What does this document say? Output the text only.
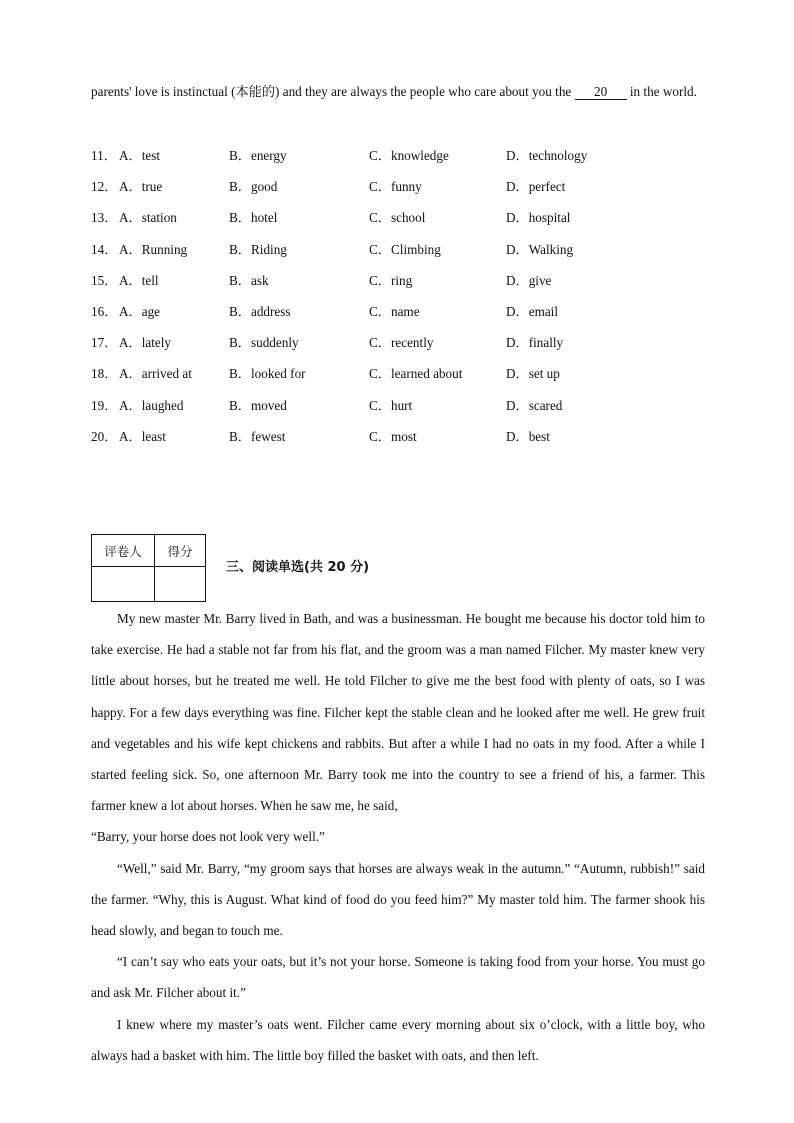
parents' love is instinctual (本能的) and they are always the people who care about you the 20 in the world.

11． A．test	B．energy	C．knowledge	D．technology
12． A．true	B．good	C．funny	D．perfect
13． A．station	B．hotel	C．school	D．hospital
14． A．Running	B．Riding	C．Climbing	D．Walking
15． A．tell	B．ask	C．ring	D．give
16． A．age	B．address	C．name	D．email
17． A．lately	B．suddenly	C．recently	D．finally
18． A．arrived at	B．looked for	C．learned about	D．set up
19． A．laughed	B．moved	C．hurt	D．scared
20． A．least	B．fewest	C．most	D．best
评卷人	得分

三、阅读单选(共 20 分)

My new master Mr. Barry lived in Bath, and was a businessman. He bought me because his doctor told him to take exercise. He had a stable not far from his flat, and the groom was a man named Filcher. My master knew very little about horses, but he treated me well. He told Filcher to give me the best food with plenty of oats, so I was happy. For a few days everything was fine. Filcher kept the stable clean and he looked after me well. He grew fruit and vegetables and his wife kept chickens and rabbits. But after a while I had no oats in my food. After a while I started feeling sick. So, one afternoon Mr. Barry took me into the country to see a friend of his, a farmer. This farmer knew a lot about horses. When he saw me, he said,

“Barry, your horse does not look very well.”

“Well,” said Mr. Barry, “my groom says that horses are always weak in the autumn.” “Autumn, rubbish!” said the farmer. “Why, this is August. What kind of food do you feed him?” My master told him. The farmer shook his head slowly, and began to touch me.

“I can’t say who eats your oats, but it’s not your horse. Someone is taking food from your horse. You must go and ask Mr. Filcher about it.”

I knew where my master’s oats went. Filcher came every morning about six o’clock, with a little boy, who always had a basket with him. The little boy filled the basket with oats, and then left.
